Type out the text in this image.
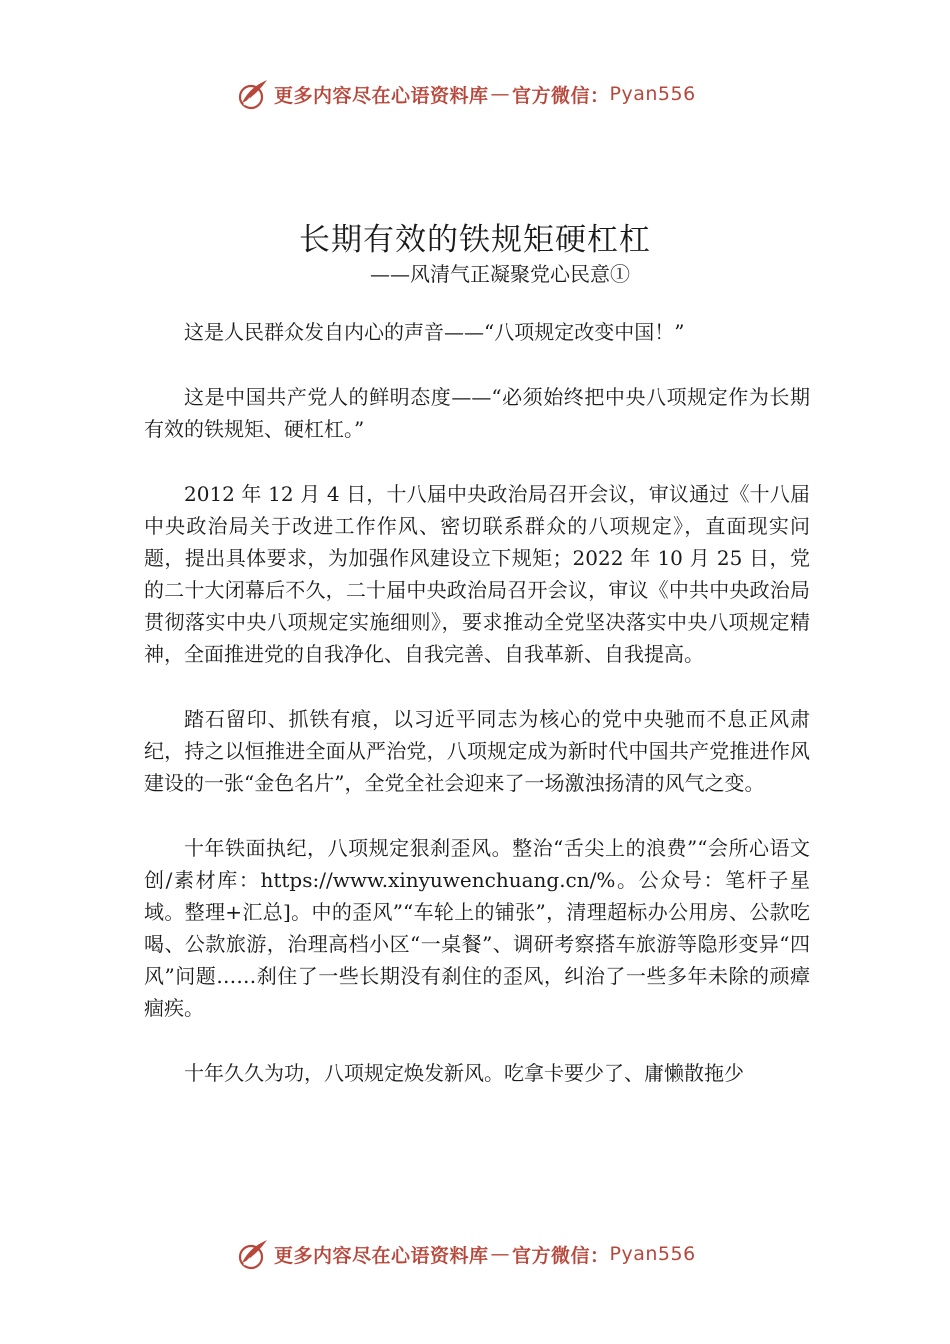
更多内容尽在心语资料库 — 官方微信： Pyan556
长期有效的铁规矩硬杠杠
——风清气正凝聚党心民意①

这是人民群众发自内心的声音——“八项规定改变中国！”

这是中国共产党人的鲜明态度——“必须始终把中央八项规定作为长期有效的铁规矩、硬杠杠。”

2012 年 12 月 4 日，十八届中央政治局召开会议，审议通过《十八届中央政治局关于改进工作作风、密切联系群众的八项规定》，直面现实问题，提出具体要求，为加强作风建设立下规矩；2022 年 10 月 25 日，党的二十大闭幕后不久，二十届中央政治局召开会议，审议《中共中央政治局贯彻落实中央八项规定实施细则》，要求推动全党坚决落实中央八项规定精神，全面推进党的自我净化、自我完善、自我革新、自我提高。

踏石留印、抓铁有痕，以习近平同志为核心的党中央驰而不息正风肃纪，持之以恒推进全面从严治党，八项规定成为新时代中国共产党推进作风建设的一张“金色名片”，全党全社会迎来了一场激浊扬清的风气之变。

十年铁面执纪，八项规定狠刹歪风。整治“舌尖上的浪费”“会所心语文创/素材库：https://www.xinyuwenchuang.cn/%。公众号：笔杆子星域。整理+汇总]。中的歪风”“车轮上的铺张”，清理超标办公用房、公款吃喝、公款旅游，治理高档小区“一桌餐”、调研考察搭车旅游等隐形变异“四风”问题……刹住了一些长期没有刹住的歪风，纠治了一些多年未除的顽瘴痼疾。

十年久久为功，八项规定焕发新风。吃拿卡要少了、庸懒散拖少

更多内容尽在心语资料库 — 官方微信： Pyan556
